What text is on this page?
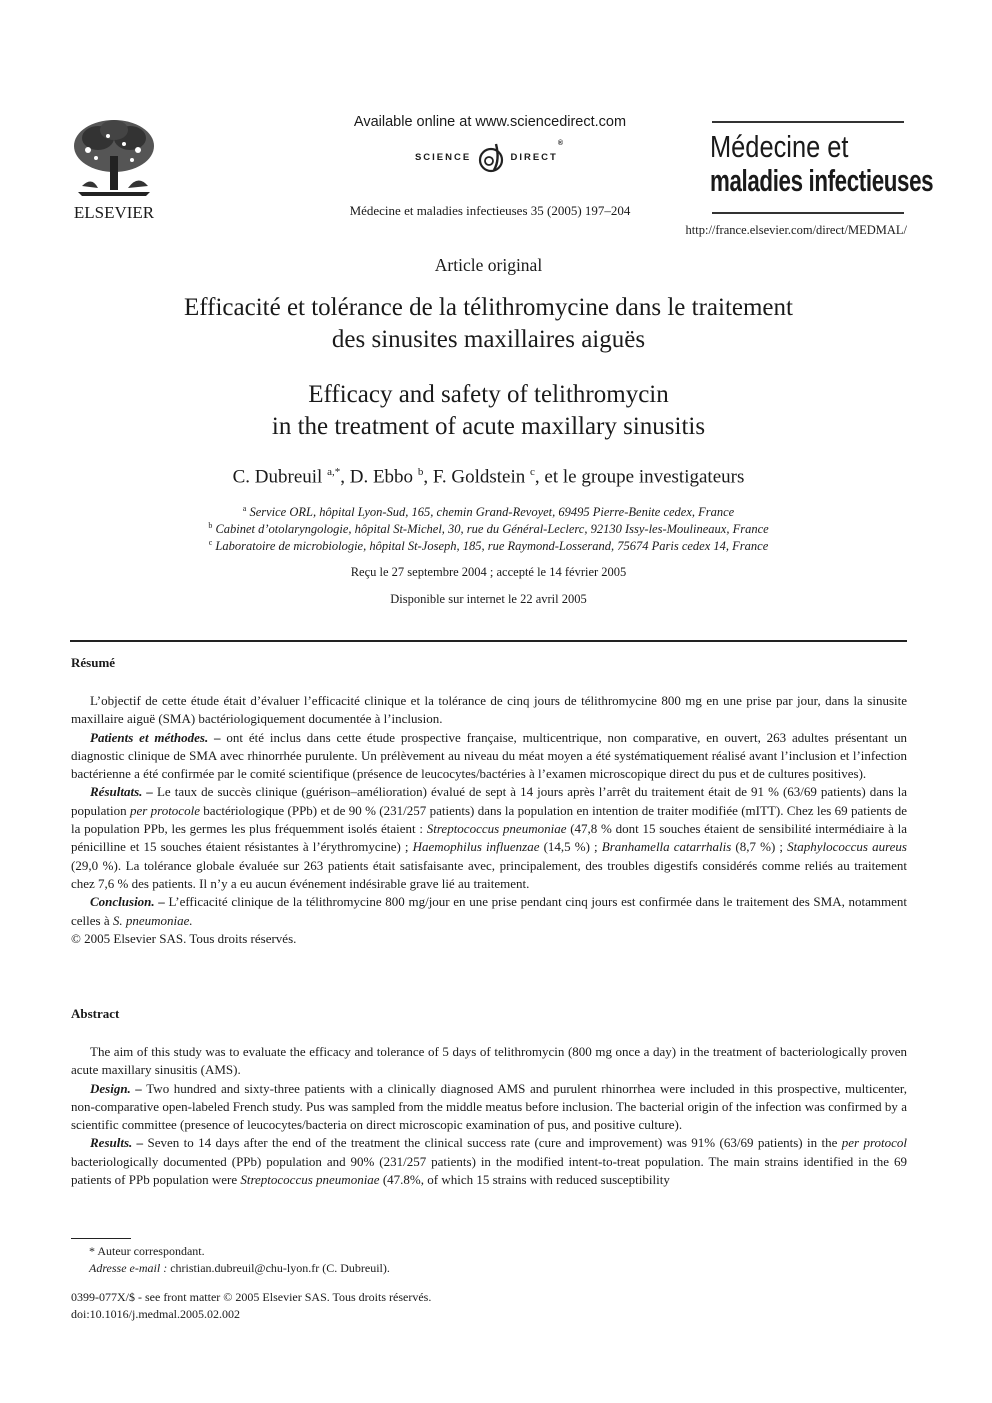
ELSEVIER
Available online at www.sciencedirect.com
SCIENCE	DIRECT®
Médecine et maladies infectieuses 35 (2005) 197–204
Médecine et
maladies infectieuses
http://france.elsevier.com/direct/MEDMAL/
Article original
Efficacité et tolérance de la télithromycine dans le traitement
des sinusites maxillaires aiguës
Efficacy and safety of telithromycin
in the treatment of acute maxillary sinusitis
C. Dubreuil $^{a,*}$, D. Ebbo $^b$, F. Goldstein $^c$, et le groupe investigateurs
$^a$ Service ORL, hôpital Lyon-Sud, 165, chemin Grand-Revoyet, 69495 Pierre-Benite cedex, France
$^b$ Cabinet d’otolaryngologie, hôpital St-Michel, 30, rue du Général-Leclerc, 92130 Issy-les-Moulineaux, France
$^c$ Laboratoire de microbiologie, hôpital St-Joseph, 185, rue Raymond-Losserand, 75674 Paris cedex 14, France
Reçu le 27 septembre 2004 ; accepté le 14 février 2005
Disponible sur internet le 22 avril 2005
Résumé

L’objectif de cette étude était d’évaluer l’efficacité clinique et la tolérance de cinq jours de télithromycine 800 mg en une prise par jour, dans la sinusite maxillaire aiguë (SMA) bactériologiquement documentée à l’inclusion.

Patients et méthodes. – ont été inclus dans cette étude prospective française, multicentrique, non comparative, en ouvert, 263 adultes présentant un diagnostic clinique de SMA avec rhinorrhée purulente. Un prélèvement au niveau du méat moyen a été systématiquement réalisé avant l’inclusion et l’infection bactérienne a été confirmée par le comité scientifique (présence de leucocytes/bactéries à l’examen microscopique direct du pus et de cultures positives).

Résultats. – Le taux de succès clinique (guérison–amélioration) évalué de sept à 14 jours après l’arrêt du traitement était de 91 % (63/69 patients) dans la population per protocole bactériologique (PPb) et de 90 % (231/257 patients) dans la population en intention de traiter modifiée (mITT). Chez les 69 patients de la population PPb, les germes les plus fréquemment isolés étaient : Streptococcus pneumoniae (47,8 % dont 15 souches étaient de sensibilité intermédiaire à la pénicilline et 15 souches étaient résistantes à l’érythromycine) ; Haemophilus influenzae (14,5 %) ; Branhamella catarrhalis (8,7 %) ; Staphylococcus aureus (29,0 %). La tolérance globale évaluée sur 263 patients était satisfaisante avec, principalement, des troubles digestifs considérés comme reliés au traitement chez 7,6 % des patients. Il n’y a eu aucun événement indésirable grave lié au traitement.

Conclusion. – L’efficacité clinique de la télithromycine 800 mg/jour en une prise pendant cinq jours est confirmée dans le traitement des SMA, notamment celles à S. pneumoniae.

© 2005 Elsevier SAS. Tous droits réservés.

Abstract

The aim of this study was to evaluate the efficacy and tolerance of 5 days of telithromycin (800 mg once a day) in the treatment of bacteriologically proven acute maxillary sinusitis (AMS).

Design. – Two hundred and sixty-three patients with a clinically diagnosed AMS and purulent rhinorrhea were included in this prospective, multicenter, non-comparative open-labeled French study. Pus was sampled from the middle meatus before inclusion. The bacterial origin of the infection was confirmed by a scientific committee (presence of leucocytes/bacteria on direct microscopic examination of pus, and positive culture).

Results. – Seven to 14 days after the end of the treatment the clinical success rate (cure and improvement) was 91% (63/69 patients) in the per protocol bacteriologically documented (PPb) population and 90% (231/257 patients) in the modified intent-to-treat population. The main strains identified in the 69 patients of PPb population were Streptococcus pneumoniae (47.8%, of which 15 strains with reduced susceptibility

* Auteur correspondant.
Adresse e-mail : christian.dubreuil@chu-lyon.fr (C. Dubreuil).
0399-077X/$ - see front matter © 2005 Elsevier SAS. Tous droits réservés.
doi:10.1016/j.medmal.2005.02.002
